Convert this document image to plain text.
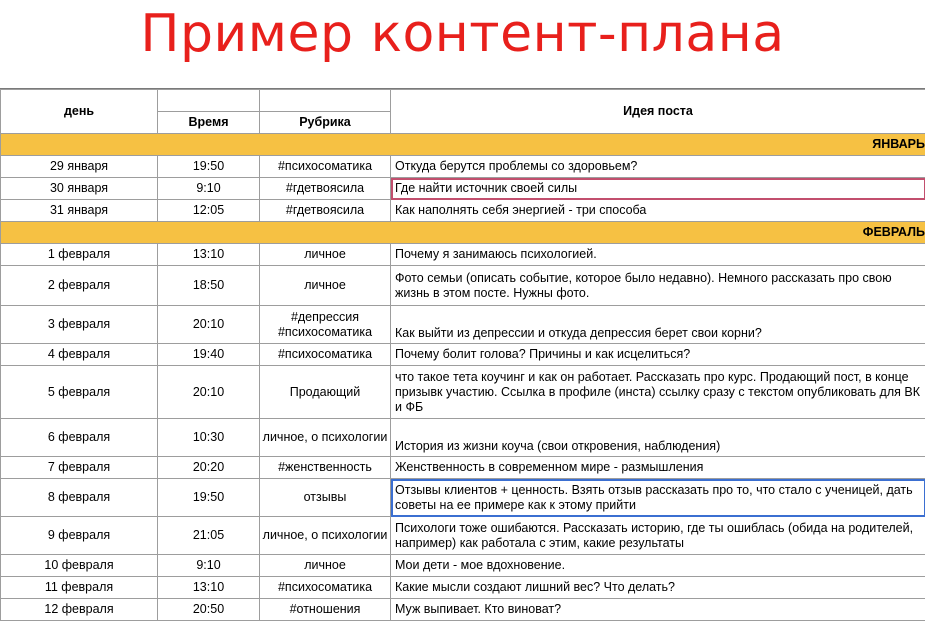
Пример контент-плана
день			Идея поста
	Время	Рубрика	
ЯНВАРЬ			
29 января	19:50	#психосоматика	Откуда берутся проблемы со здоровьем?
30 января	9:10	#гдетвоясила	Где найти источник своей силы
31 января	12:05	#гдетвоясила	Как наполнять себя энергией - три способа
ФЕВРАЛЬ			
1 февраля	13:10	личное	Почему я занимаюсь психологией.
2 февраля	18:50	личное	Фото семьи (описать событие, которое было недавно). Немного рассказать про свою жизнь в этом посте. Нужны фото.
3 февраля	20:10	#депрессия #психосоматика	Как выйти из депрессии и откуда депрессия берет свои корни?
4 февраля	19:40	#психосоматика	Почему болит голова? Причины и как исцелиться?
5 февраля	20:10	Продающий	что такое тета коучинг и как он работает. Рассказать про курс. Продающий пост, в конце призывк участию. Ссылка в профиле (инста) ссылку сразу с текстом опубликовать для ВК и ФБ
6 февраля	10:30	личное, о психологии	История из жизни коуча (свои откровения, наблюдения)
7 февраля	20:20	#женственность	Женственность в современном мире - размышления
8 февраля	19:50	отзывы	Отзывы клиентов + ценность. Взять отзыв рассказать про то, что стало с ученицей, дать советы на ее примере как к этому прийти
9 февраля	21:05	личное, о психологии	Психологи тоже ошибаются. Рассказать историю, где ты ошиблась (обида на родителей, например) как работала с этим, какие результаты
10 февраля	9:10	личное	Мои дети - мое вдохновение.
11 февраля	13:10	#психосоматика	Какие мысли создают лишний вес? Что делать?
12 февраля	20:50	#отношения	Муж выпивает. Кто виноват?
